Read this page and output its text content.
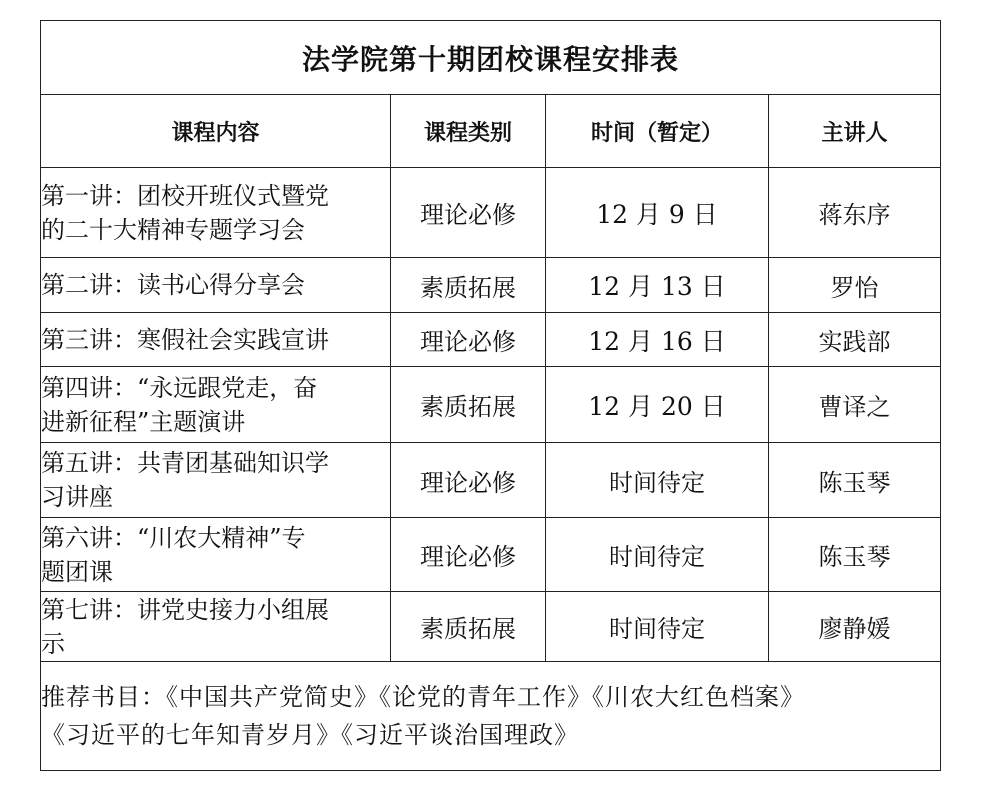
法学院第十期团校课程安排表			
课程内容	课程类别	时间（暂定）	主讲人

第一讲：团校开班仪式暨党
的二十大精神专题学习会	理论必修	12 月 9 日	蒋东序

第二讲：读书心得分享会	素质拓展	12 月 13 日	罗怡

第三讲：寒假社会实践宣讲	理论必修	12 月 16 日	实践部

第四讲：“永远跟党走，奋
进新征程”主题演讲	素质拓展	12 月 20 日	曹译之

第五讲：共青团基础知识学
习讲座	理论必修	时间待定	陈玉琴

第六讲：“川农大精神”专
题团课	理论必修	时间待定	陈玉琴

第七讲：讲党史接力小组展
示	素质拓展	时间待定	廖静媛

推荐书目：《中国共产党简史》《论党的青年工作》《川农大红色档案》
《习近平的七年知青岁月》《习近平谈治国理政》			
